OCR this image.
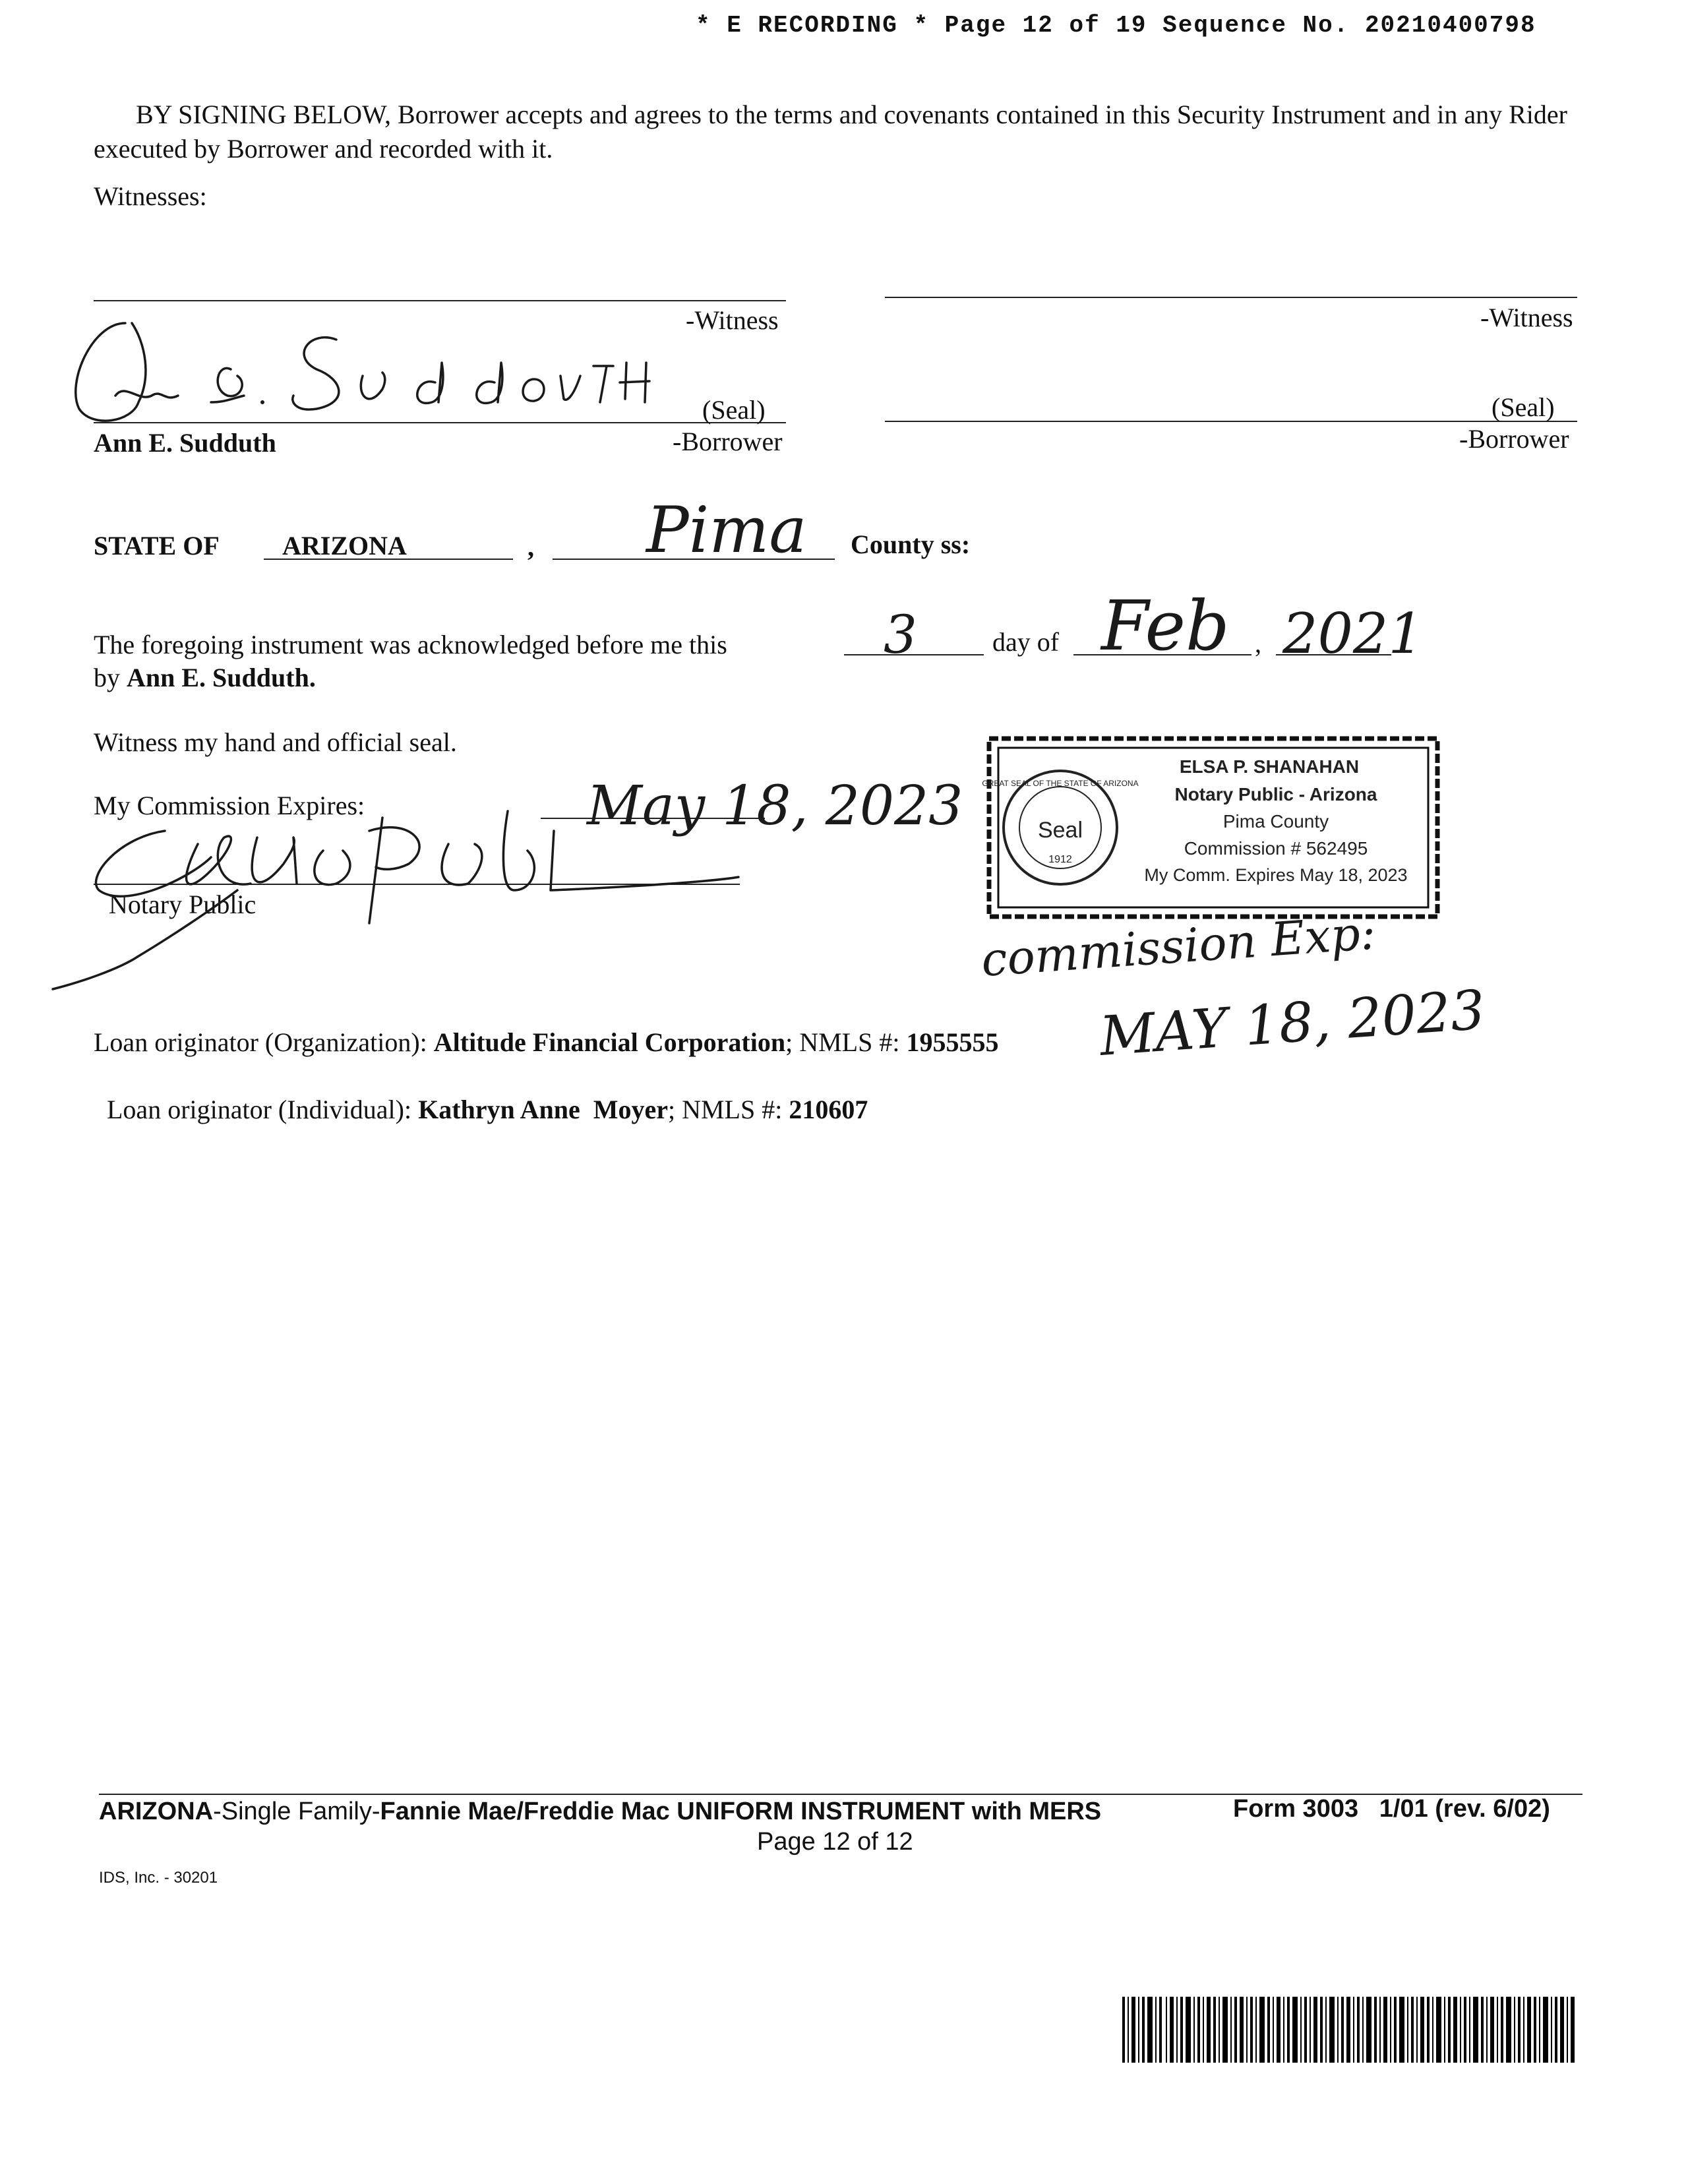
* E RECORDING * Page 12 of 19 Sequence No. 20210400798
BY SIGNING BELOW, Borrower accepts and agrees to the terms and covenants contained in this Security Instrument and in any Rider executed by Borrower and recorded with it.
Witnesses:
-Witness	-Witness
(Seal)
Ann E. Sudduth	-Borrower
(Seal)
-Borrower
STATE OF ARIZONA	, Pima County ss:
The foregoing instrument was acknowledged before me this
by Ann E. Sudduth.
3	day of Feb , 2021
Witness my hand and official seal.
My Commission Expires:	May 18, 2023
Notary Public
Seal
1912
GREAT SEAL OF THE STATE OF ARIZONA
ELSA P. SHANAHAN
Notary Public - Arizona
Pima County
Commission # 562495
My Comm. Expires May 18, 2023
commission Exp:
MAY 18, 2023
Loan originator (Organization): Altitude Financial Corporation; NMLS #: 1955555

Loan originator (Individual): Kathryn Anne  Moyer; NMLS #: 210607

ARIZONA-Single Family-Fannie Mae/Freddie Mac UNIFORM INSTRUMENT with MERS	Form 3003   1/01 (rev. 6/02)
Page 12 of 12
IDS, Inc. - 30201
